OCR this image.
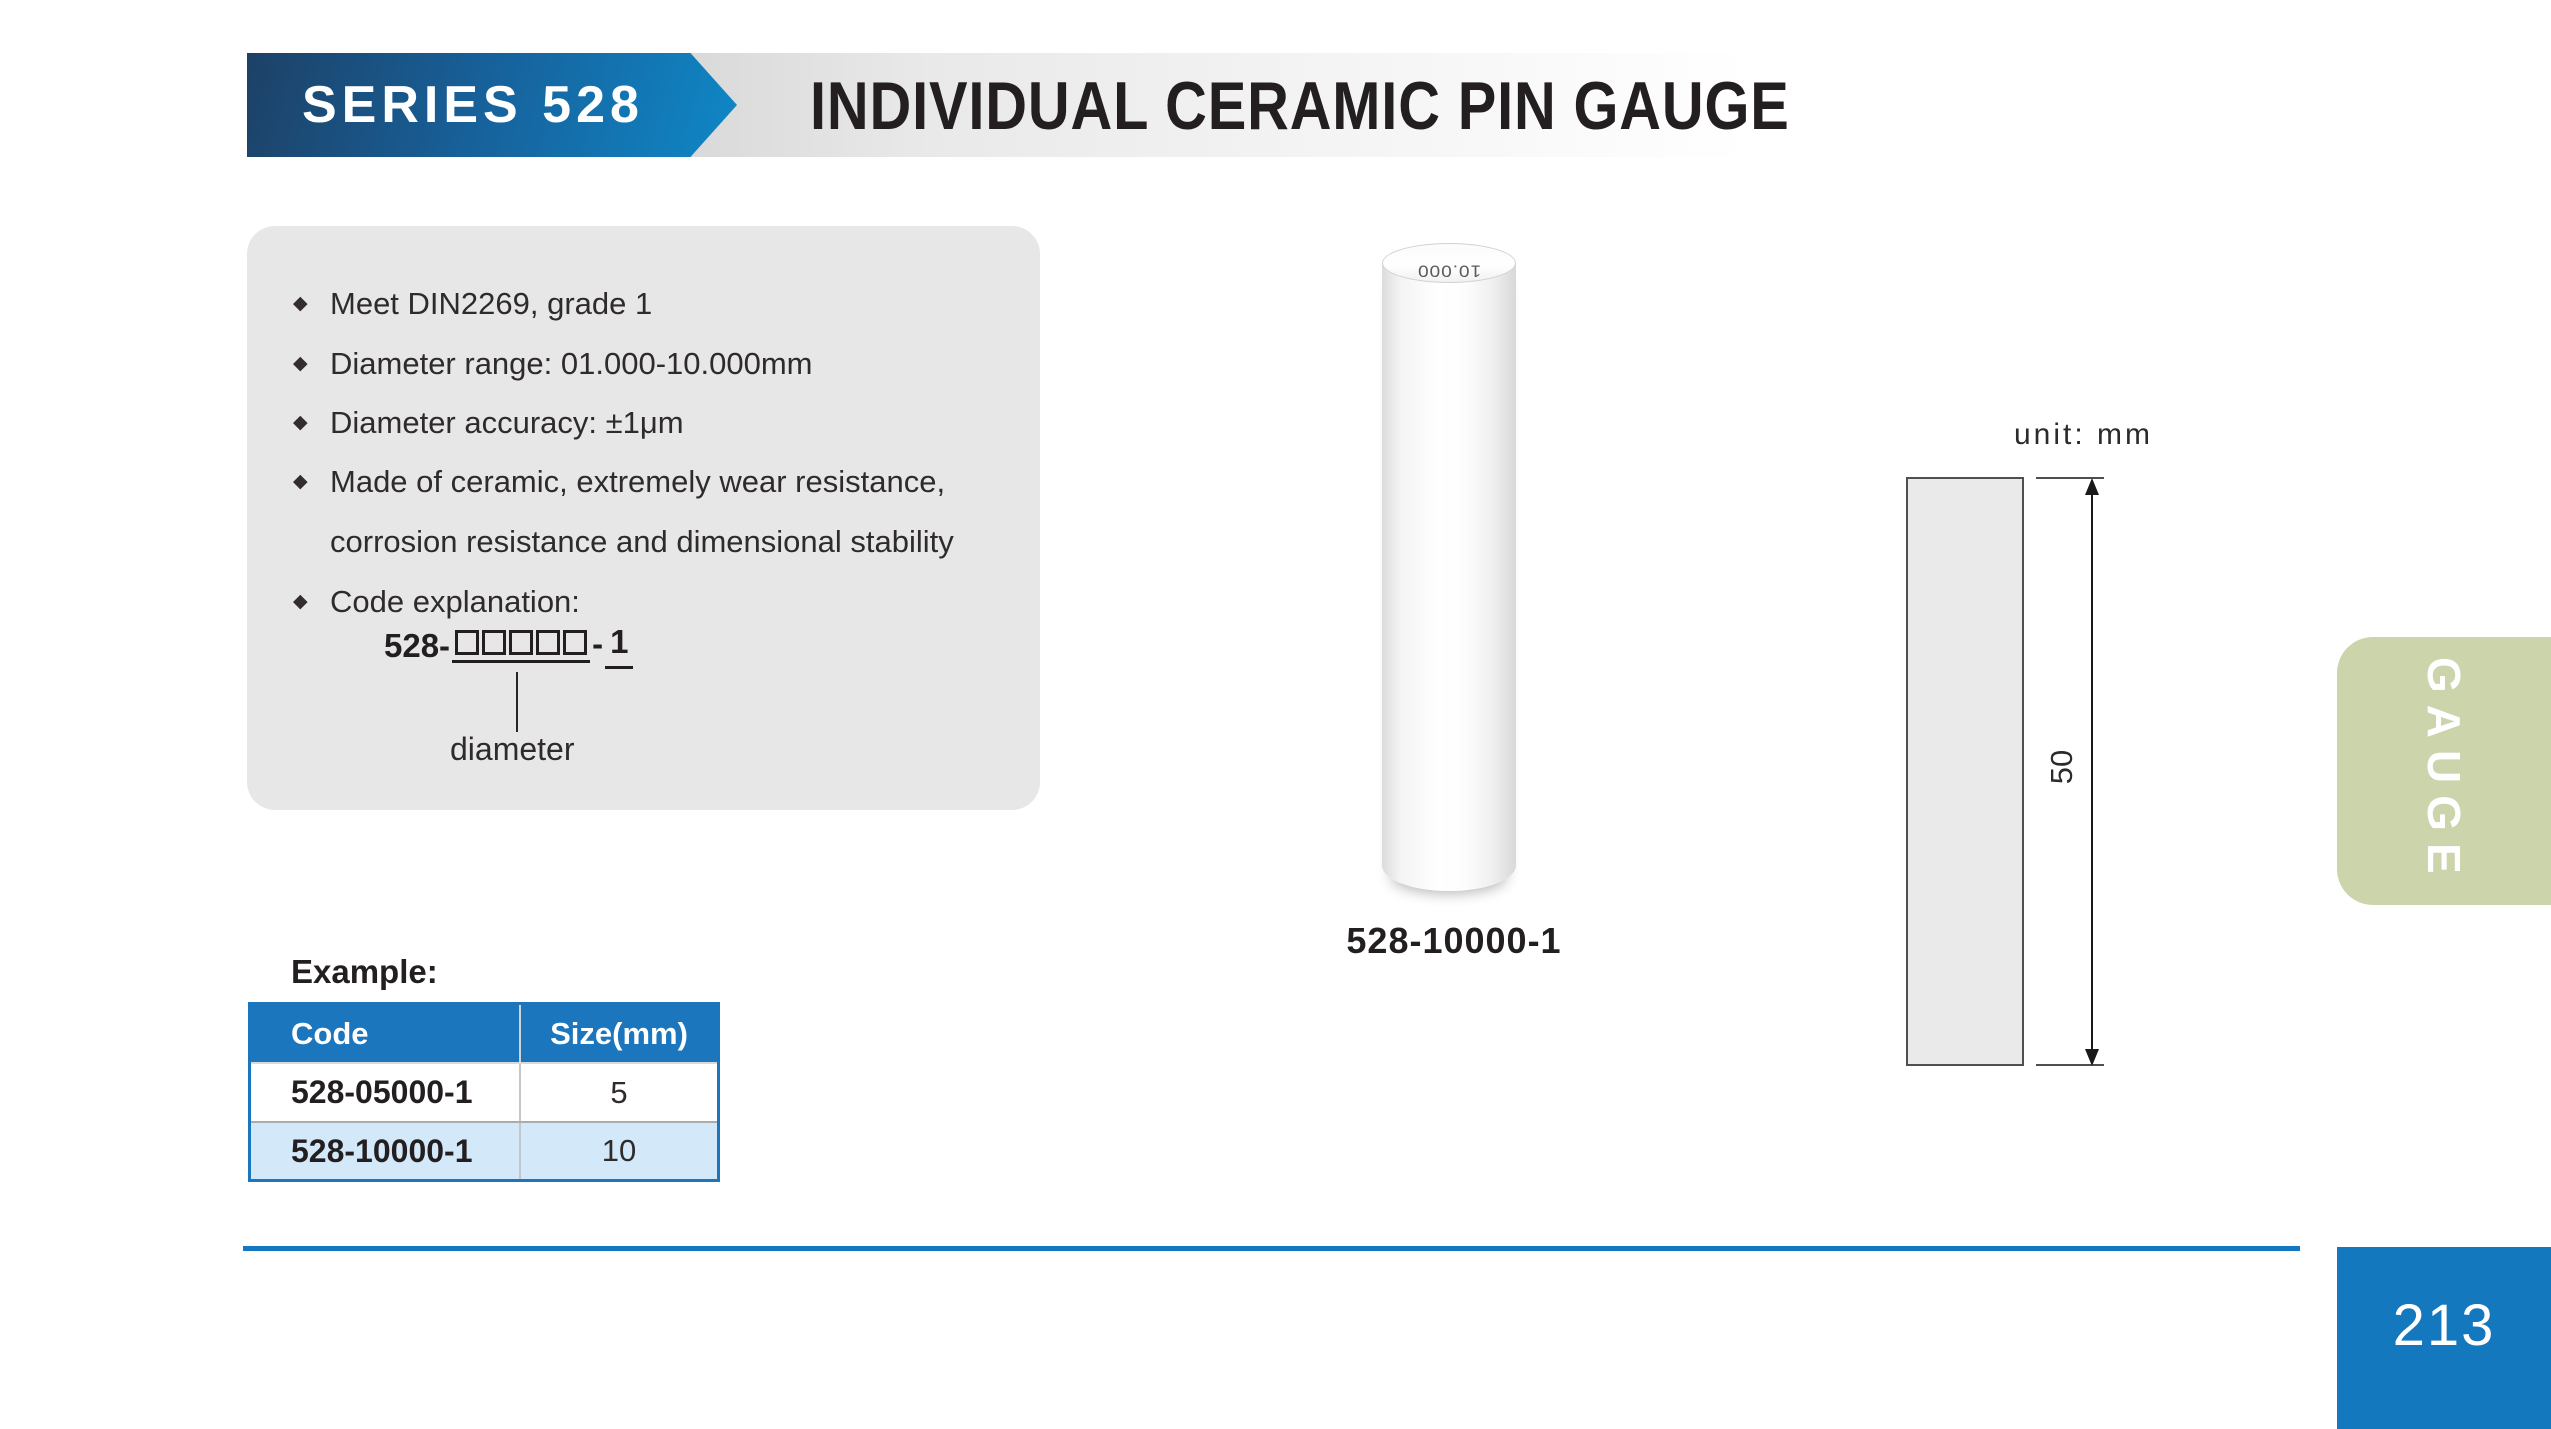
SERIES 528 INDIVIDUAL CERAMIC PIN GAUGE
◆ Meet DIN2269, grade 1
◆ Diameter range: 01.000-10.000mm
◆ Diameter accuracy: ±1μm
◆ Made of ceramic, extremely wear resistance,
corrosion resistance and dimensional stability
◆ Code explanation:
528-	- 1
diameter
Example:
Code	Size(mm)
528-05000-1	5
528-10000-1	10
10.000
528-10000-1
unit: mm
50	GAUGE
213
